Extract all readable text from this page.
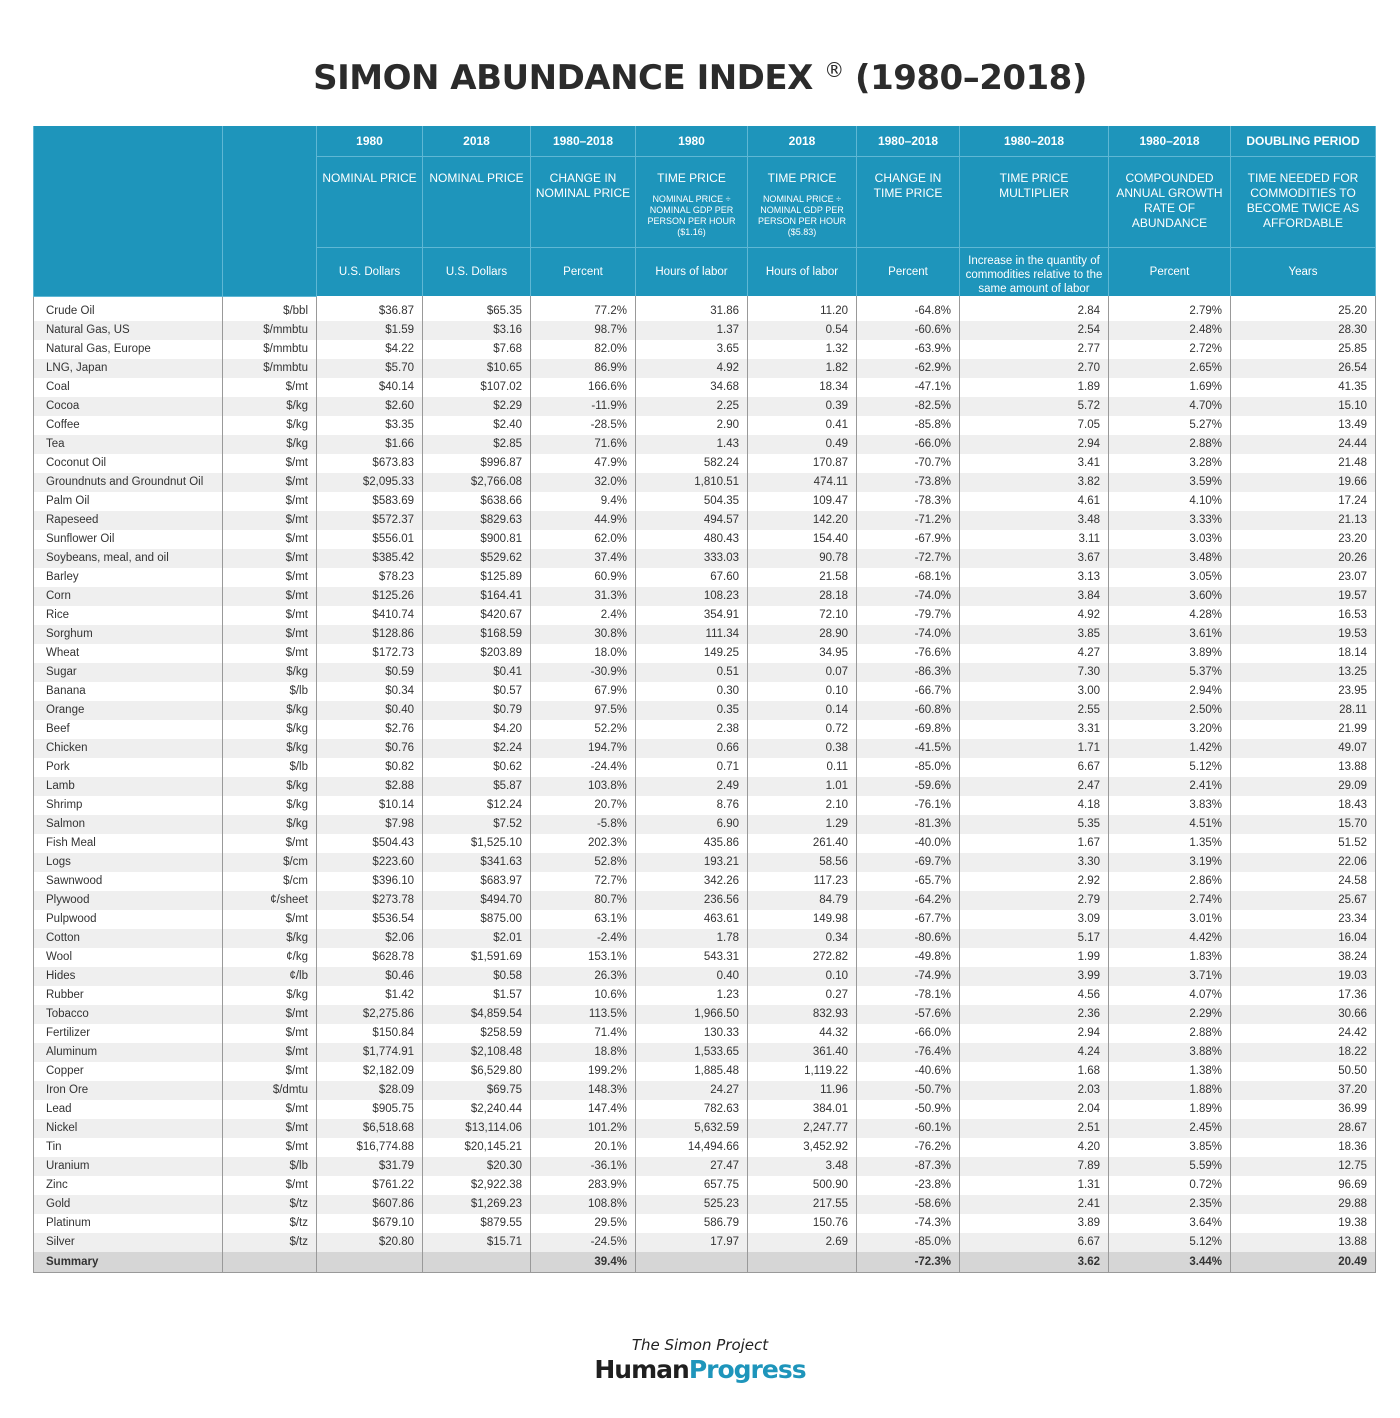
SIMON ABUNDANCE INDEX ® (1980–2018)
		1980	2018	1980–2018	1980	2018	1980–2018	1980–2018	1980–2018	DOUBLING PERIOD
		NOMINAL PRICE	NOMINAL PRICE	CHANGE IN NOMINAL PRICE	TIME PRICE
NOMINAL PRICE ÷ NOMINAL GDP PER PERSON PER HOUR ($1.16)	TIME PRICE
NOMINAL PRICE ÷ NOMINAL GDP PER PERSON PER HOUR ($5.83)	CHANGE IN TIME PRICE	TIME PRICE MULTIPLIER	COMPOUNDED ANNUAL GROWTH RATE OF ABUNDANCE	TIME NEEDED FOR COMMODITIES TO BECOME TWICE AS AFFORDABLE
		U.S. Dollars	U.S. Dollars	Percent	Hours of labor	Hours of labor	Percent	Increase in the quantity of commodities relative to the same amount of labor	Percent	Years
Crude Oil	$/bbl	$36.87	$65.35	77.2%	31.86	11.20	-64.8%	2.84	2.79%	25.20
Natural Gas, US	$/mmbtu	$1.59	$3.16	98.7%	1.37	0.54	-60.6%	2.54	2.48%	28.30
Natural Gas, Europe	$/mmbtu	$4.22	$7.68	82.0%	3.65	1.32	-63.9%	2.77	2.72%	25.85
LNG, Japan	$/mmbtu	$5.70	$10.65	86.9%	4.92	1.82	-62.9%	2.70	2.65%	26.54
Coal	$/mt	$40.14	$107.02	166.6%	34.68	18.34	-47.1%	1.89	1.69%	41.35
Cocoa	$/kg	$2.60	$2.29	-11.9%	2.25	0.39	-82.5%	5.72	4.70%	15.10
Coffee	$/kg	$3.35	$2.40	-28.5%	2.90	0.41	-85.8%	7.05	5.27%	13.49
Tea	$/kg	$1.66	$2.85	71.6%	1.43	0.49	-66.0%	2.94	2.88%	24.44
Coconut Oil	$/mt	$673.83	$996.87	47.9%	582.24	170.87	-70.7%	3.41	3.28%	21.48
Groundnuts and Groundnut Oil	$/mt	$2,095.33	$2,766.08	32.0%	1,810.51	474.11	-73.8%	3.82	3.59%	19.66
Palm Oil	$/mt	$583.69	$638.66	9.4%	504.35	109.47	-78.3%	4.61	4.10%	17.24
Rapeseed	$/mt	$572.37	$829.63	44.9%	494.57	142.20	-71.2%	3.48	3.33%	21.13
Sunflower Oil	$/mt	$556.01	$900.81	62.0%	480.43	154.40	-67.9%	3.11	3.03%	23.20
Soybeans, meal, and oil	$/mt	$385.42	$529.62	37.4%	333.03	90.78	-72.7%	3.67	3.48%	20.26
Barley	$/mt	$78.23	$125.89	60.9%	67.60	21.58	-68.1%	3.13	3.05%	23.07
Corn	$/mt	$125.26	$164.41	31.3%	108.23	28.18	-74.0%	3.84	3.60%	19.57
Rice	$/mt	$410.74	$420.67	2.4%	354.91	72.10	-79.7%	4.92	4.28%	16.53
Sorghum	$/mt	$128.86	$168.59	30.8%	111.34	28.90	-74.0%	3.85	3.61%	19.53
Wheat	$/mt	$172.73	$203.89	18.0%	149.25	34.95	-76.6%	4.27	3.89%	18.14
Sugar	$/kg	$0.59	$0.41	-30.9%	0.51	0.07	-86.3%	7.30	5.37%	13.25
Banana	$/lb	$0.34	$0.57	67.9%	0.30	0.10	-66.7%	3.00	2.94%	23.95
Orange	$/kg	$0.40	$0.79	97.5%	0.35	0.14	-60.8%	2.55	2.50%	28.11
Beef	$/kg	$2.76	$4.20	52.2%	2.38	0.72	-69.8%	3.31	3.20%	21.99
Chicken	$/kg	$0.76	$2.24	194.7%	0.66	0.38	-41.5%	1.71	1.42%	49.07
Pork	$/lb	$0.82	$0.62	-24.4%	0.71	0.11	-85.0%	6.67	5.12%	13.88
Lamb	$/kg	$2.88	$5.87	103.8%	2.49	1.01	-59.6%	2.47	2.41%	29.09
Shrimp	$/kg	$10.14	$12.24	20.7%	8.76	2.10	-76.1%	4.18	3.83%	18.43
Salmon	$/kg	$7.98	$7.52	-5.8%	6.90	1.29	-81.3%	5.35	4.51%	15.70
Fish Meal	$/mt	$504.43	$1,525.10	202.3%	435.86	261.40	-40.0%	1.67	1.35%	51.52
Logs	$/cm	$223.60	$341.63	52.8%	193.21	58.56	-69.7%	3.30	3.19%	22.06
Sawnwood	$/cm	$396.10	$683.97	72.7%	342.26	117.23	-65.7%	2.92	2.86%	24.58
Plywood	¢/sheet	$273.78	$494.70	80.7%	236.56	84.79	-64.2%	2.79	2.74%	25.67
Pulpwood	$/mt	$536.54	$875.00	63.1%	463.61	149.98	-67.7%	3.09	3.01%	23.34
Cotton	$/kg	$2.06	$2.01	-2.4%	1.78	0.34	-80.6%	5.17	4.42%	16.04
Wool	¢/kg	$628.78	$1,591.69	153.1%	543.31	272.82	-49.8%	1.99	1.83%	38.24
Hides	¢/lb	$0.46	$0.58	26.3%	0.40	0.10	-74.9%	3.99	3.71%	19.03
Rubber	$/kg	$1.42	$1.57	10.6%	1.23	0.27	-78.1%	4.56	4.07%	17.36
Tobacco	$/mt	$2,275.86	$4,859.54	113.5%	1,966.50	832.93	-57.6%	2.36	2.29%	30.66
Fertilizer	$/mt	$150.84	$258.59	71.4%	130.33	44.32	-66.0%	2.94	2.88%	24.42
Aluminum	$/mt	$1,774.91	$2,108.48	18.8%	1,533.65	361.40	-76.4%	4.24	3.88%	18.22
Copper	$/mt	$2,182.09	$6,529.80	199.2%	1,885.48	1,119.22	-40.6%	1.68	1.38%	50.50
Iron Ore	$/dmtu	$28.09	$69.75	148.3%	24.27	11.96	-50.7%	2.03	1.88%	37.20
Lead	$/mt	$905.75	$2,240.44	147.4%	782.63	384.01	-50.9%	2.04	1.89%	36.99
Nickel	$/mt	$6,518.68	$13,114.06	101.2%	5,632.59	2,247.77	-60.1%	2.51	2.45%	28.67
Tin	$/mt	$16,774.88	$20,145.21	20.1%	14,494.66	3,452.92	-76.2%	4.20	3.85%	18.36
Uranium	$/lb	$31.79	$20.30	-36.1%	27.47	3.48	-87.3%	7.89	5.59%	12.75
Zinc	$/mt	$761.22	$2,922.38	283.9%	657.75	500.90	-23.8%	1.31	0.72%	96.69
Gold	$/tz	$607.86	$1,269.23	108.8%	525.23	217.55	-58.6%	2.41	2.35%	29.88
Platinum	$/tz	$679.10	$879.55	29.5%	586.79	150.76	-74.3%	3.89	3.64%	19.38
Silver	$/tz	$20.80	$15.71	-24.5%	17.97	2.69	-85.0%	6.67	5.12%	13.88
Summary				39.4%			-72.3%	3.62	3.44%	20.49
The Simon Project
HumanProgress
